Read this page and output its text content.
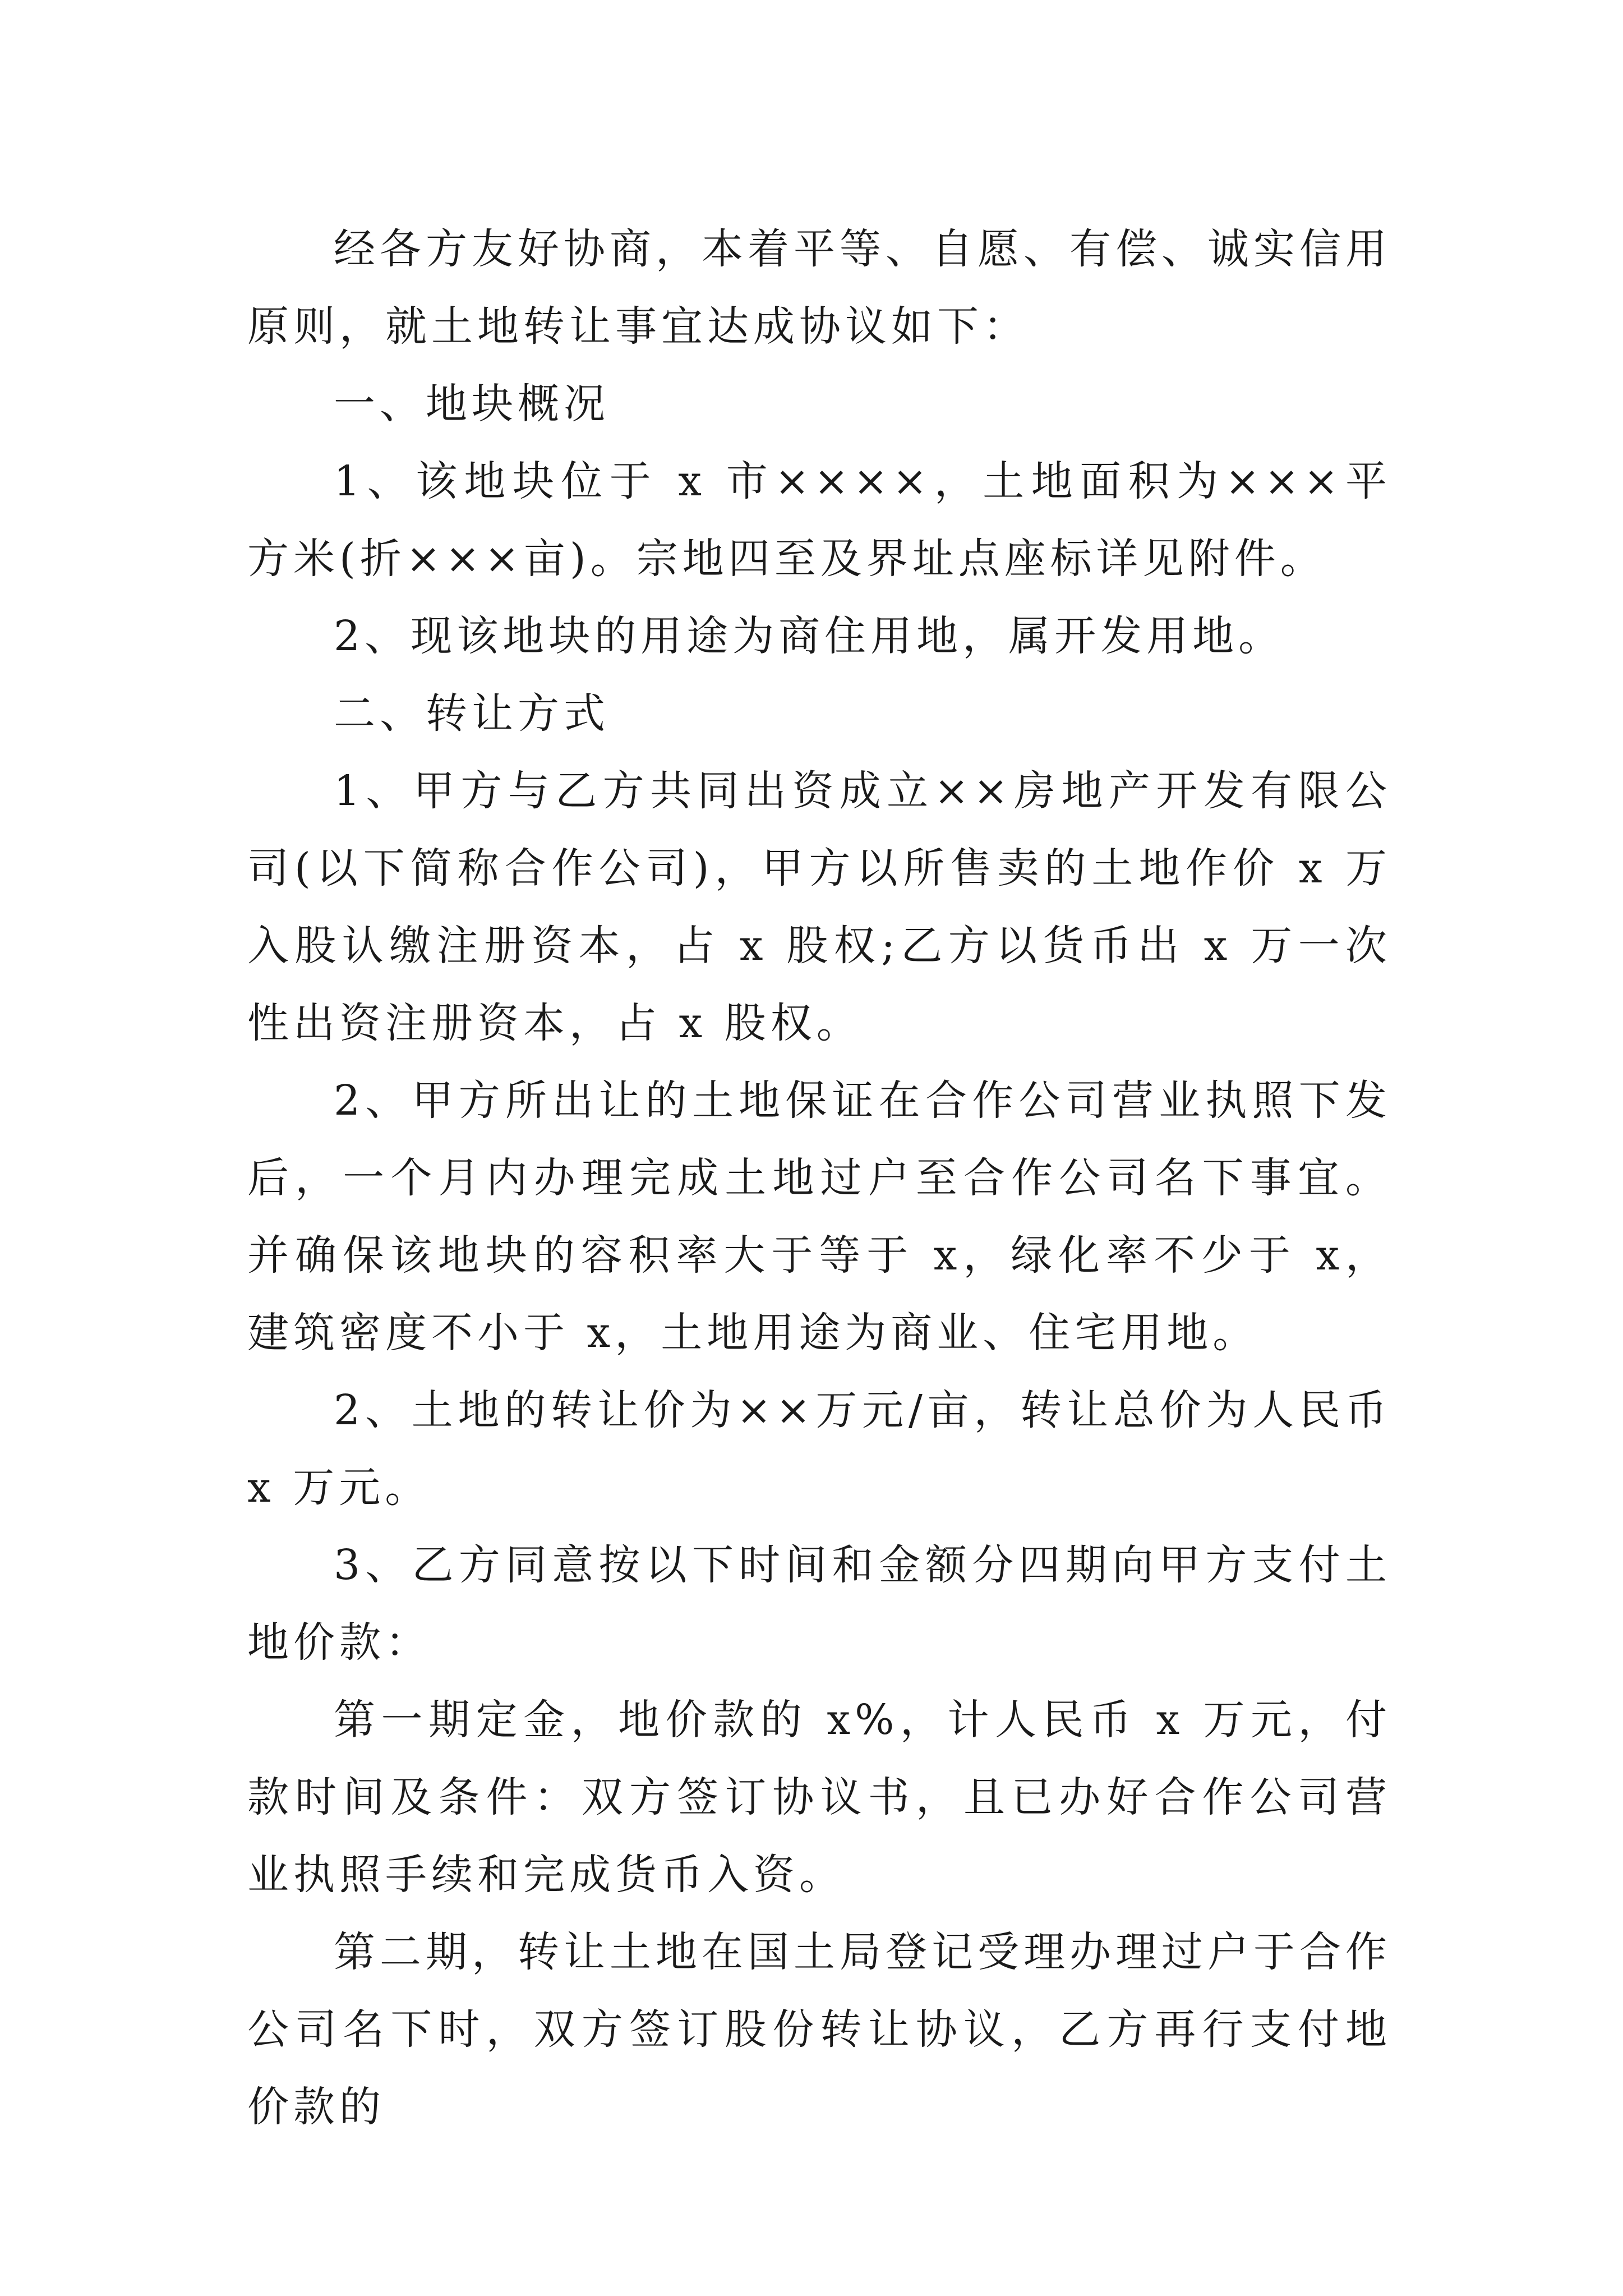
经各方友好协商，本着平等、自愿、有偿、诚实信用原则，就土地转让事宜达成协议如下：

一、地块概况

1、该地块位于 x 市××××，土地面积为×××平方米(折×××亩)。宗地四至及界址点座标详见附件。

2、现该地块的用途为商住用地，属开发用地。

二、转让方式

1、甲方与乙方共同出资成立××房地产开发有限公司(以下简称合作公司)，甲方以所售卖的土地作价 x 万入股认缴注册资本，占 x 股权;乙方以货币出 x 万一次性出资注册资本，占 x 股权。

2、甲方所出让的土地保证在合作公司营业执照下发后，一个月内办理完成土地过户至合作公司名下事宜。并确保该地块的容积率大于等于 x，绿化率不少于 x，建筑密度不小于 x，土地用途为商业、住宅用地。

2、土地的转让价为××万元/亩，转让总价为人民币 x 万元。

3、乙方同意按以下时间和金额分四期向甲方支付土地价款：

第一期定金，地价款的 x%，计人民币 x 万元，付款时间及条件：双方签订协议书，且已办好合作公司营业执照手续和完成货币入资。

第二期，转让土地在国土局登记受理办理过户于合作公司名下时，双方签订股份转让协议，乙方再行支付地价款的
